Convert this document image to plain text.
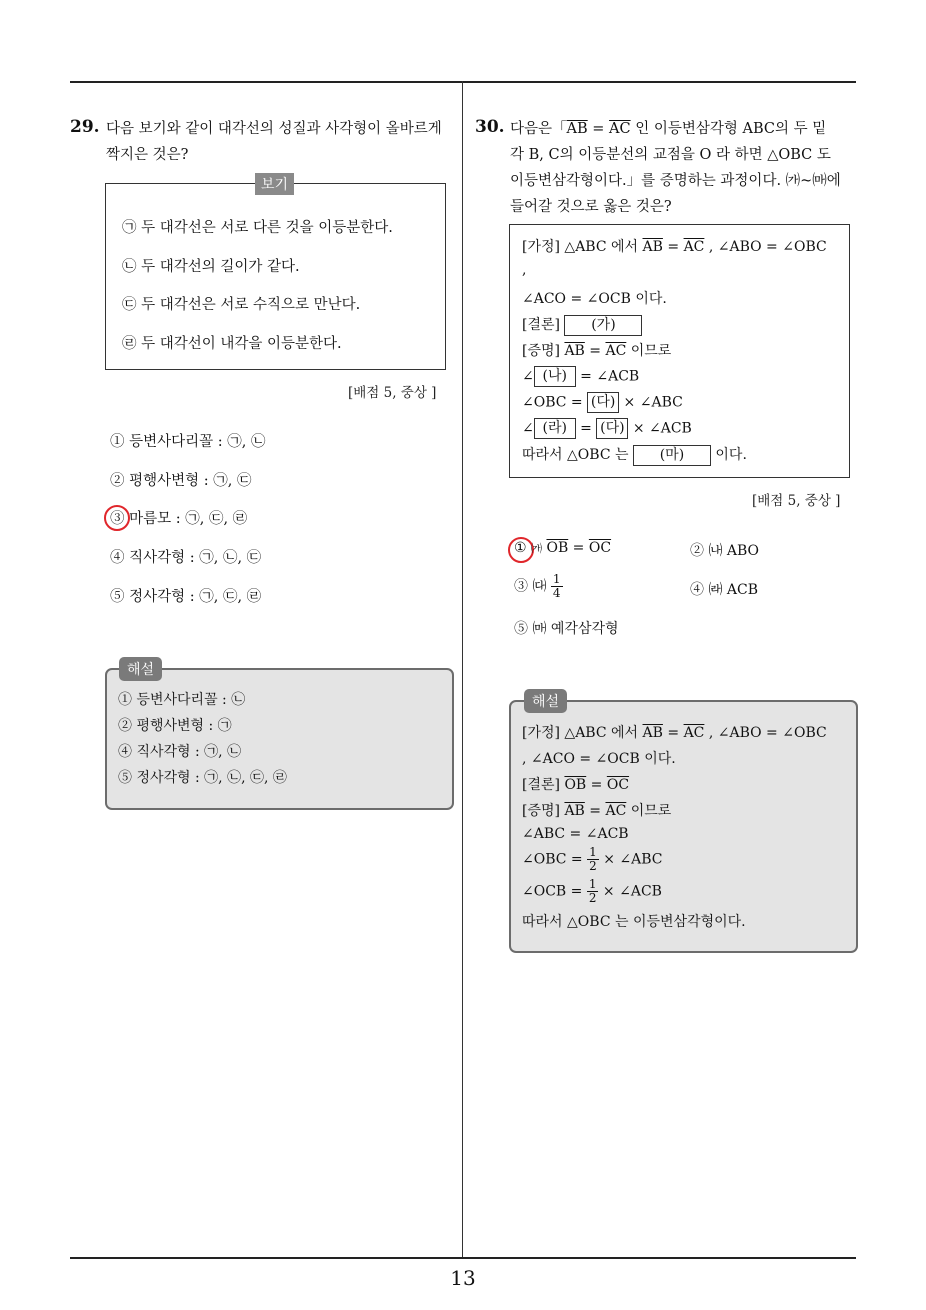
13
29. 다음 보기와 같이 대각선의 성질과 사각형이 올바르게
짝지은 것은?
보기
㉠ 두 대각선은 서로 다른 것을 이등분한다.
㉡ 두 대각선의 길이가 같다.
㉢ 두 대각선은 서로 수직으로 만난다.
㉣ 두 대각선이 내각을 이등분한다.
[배점 5, 중상 ]
① 등변사다리꼴 : ㉠, ㉡
② 평행사변형 : ㉠, ㉢
③ 마름모 : ㉠, ㉢, ㉣
④ 직사각형 : ㉠, ㉡, ㉢
⑤ 정사각형 : ㉠, ㉢, ㉣
해설
① 등변사다리꼴 : ㉡
② 평행사변형 : ㉠
④ 직사각형 : ㉠, ㉡
⑤ 정사각형 : ㉠, ㉡, ㉢, ㉣
30. 다음은「$\overline{AB} = \overline{AC}$ 인 이등변삼각형 ABC의 두 밑
각 B, C의 이등분선의 교점을 O 라 하면 △OBC 도
이등변삼각형이다.」를 증명하는 과정이다. ㈎~㈒에
들어갈 것으로 옳은 것은?
[가정] △ABC 에서 $\overline{AB} = \overline{AC}$ , ∠ABO = ∠OBC
,
∠ACO = ∠OCB 이다.
[결론] (가)
[증명] $\overline{AB} = \overline{AC}$ 이므로
∠ (나) = ∠ACB
∠OBC = (다) × ∠ABC
∠ (라) = (다) × ∠ACB
따라서 △OBC 는 (마) 이다.
[배점 5, 중상 ]
① ㈎ $\overline{OB} = \overline{OC}$	② ㈏ ABO
③ ㈐ $\frac{1}{4}$	④ ㈑ ACB
⑤ ㈒ 예각삼각형
해설
[가정] △ABC 에서 $\overline{AB} = \overline{AC}$ , ∠ABO = ∠OBC
, ∠ACO = ∠OCB 이다.
[결론] $\overline{OB} = \overline{OC}$
[증명] $\overline{AB} = \overline{AC}$ 이므로
∠ABC = ∠ACB
∠OBC = $\frac{1}{2}$ × ∠ABC
∠OCB = $\frac{1}{2}$ × ∠ACB
따라서 △OBC 는 이등변삼각형이다.
